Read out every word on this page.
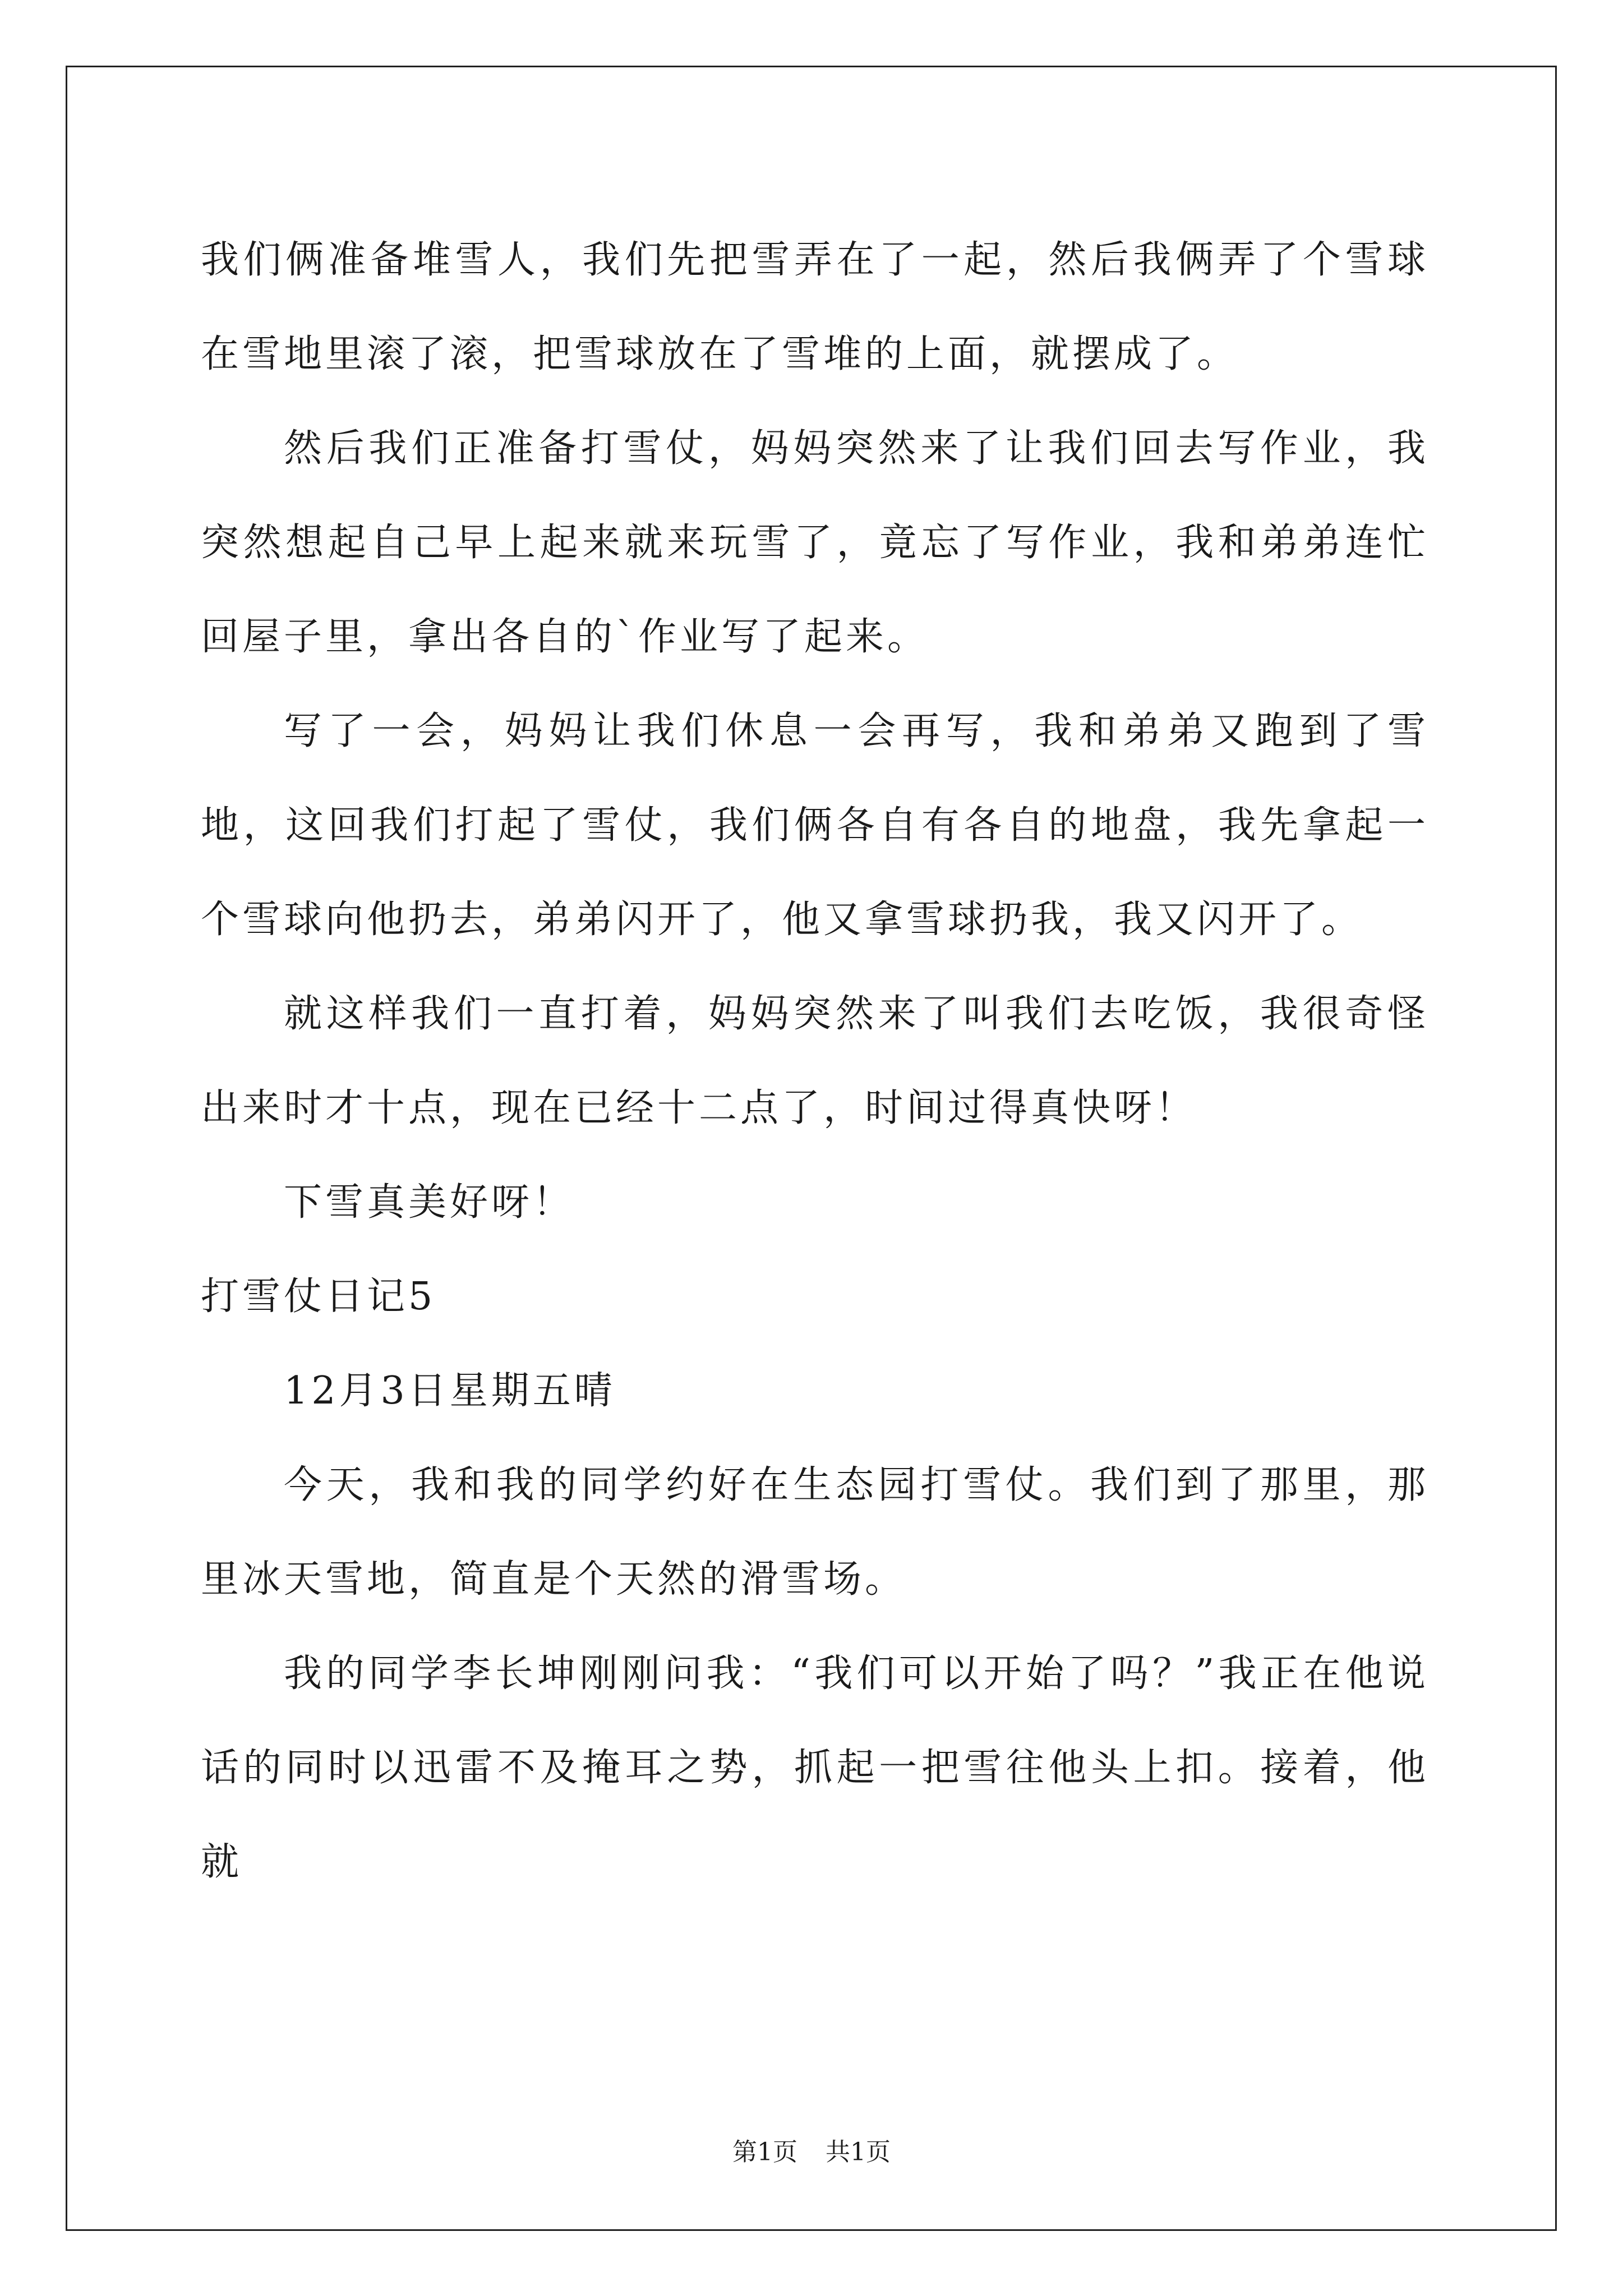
我们俩准备堆雪人，我们先把雪弄在了一起，然后我俩弄了个雪球在雪地里滚了滚，把雪球放在了雪堆的上面，就摆成了。

然后我们正准备打雪仗，妈妈突然来了让我们回去写作业，我突然想起自己早上起来就来玩雪了，竟忘了写作业，我和弟弟连忙回屋子里，拿出各自的`作业写了起来。

写了一会，妈妈让我们休息一会再写，我和弟弟又跑到了雪地，这回我们打起了雪仗，我们俩各自有各自的地盘，我先拿起一个雪球向他扔去，弟弟闪开了，他又拿雪球扔我，我又闪开了。

就这样我们一直打着，妈妈突然来了叫我们去吃饭，我很奇怪出来时才十点，现在已经十二点了，时间过得真快呀！

下雪真美好呀！

打雪仗日记5

12月3日星期五晴

今天，我和我的同学约好在生态园打雪仗。我们到了那里，那里冰天雪地，简直是个天然的滑雪场。

我的同学李长坤刚刚问我：“我们可以开始了吗？”我正在他说话的同时以迅雷不及掩耳之势，抓起一把雪往他头上扣。接着，他就

第1页 共1页
